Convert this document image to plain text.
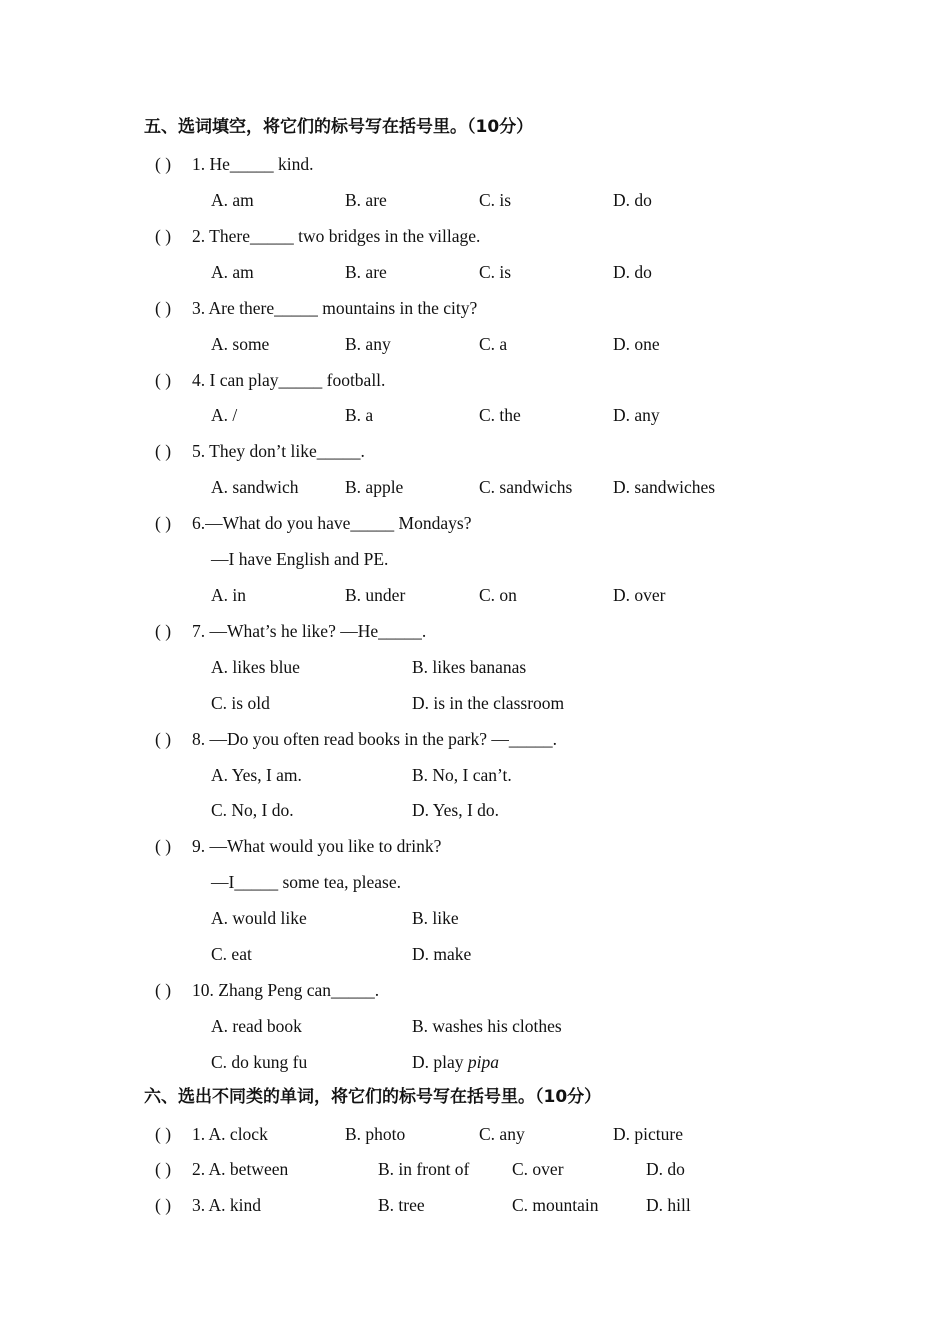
五、选词填空，将它们的标号写在括号里。（10分）
( ) 1. He_____ kind.
A. am	B. are	C. is	D. do
( ) 2. There_____ two bridges in the village.
A. am	B. are	C. is	D. do
( ) 3. Are there_____ mountains in the city?
A. some	B. any	C. a	D. one
( ) 4. I can play_____ football.
A. /	B. a	C. the	D. any
( ) 5. They don’t like_____.
A. sandwich	B. apple	C. sandwichs D. sandwiches
( ) 6.—What do you have_____ Mondays?
—I have English and PE.
A. in	B. under	C. on	D. over
( ) 7. —What’s he like? —He_____.
A. likes blue	B. likes bananas
C. is old	D. is in the classroom
( ) 8. —Do you often read books in the park? —_____.
A. Yes, I am.	B. No, I can’t.
C. No, I do.	D. Yes, I do.
( ) 9. —What would you like to drink?
—I_____ some tea, please.
A. would like	B. like
C. eat	D. make
( ) 10. Zhang Peng can_____.
A. read book	B. washes his clothes
C. do kung fu	D. play pipa
六、选出不同类的单词，将它们的标号写在括号里。（10分）
( ) 1. A. clock	B. photo	C. any	D. picture
( ) 2. A. between	B. in front of C. over	D. do
( ) 3. A. kind	B. tree	C. mountain	D. hill
